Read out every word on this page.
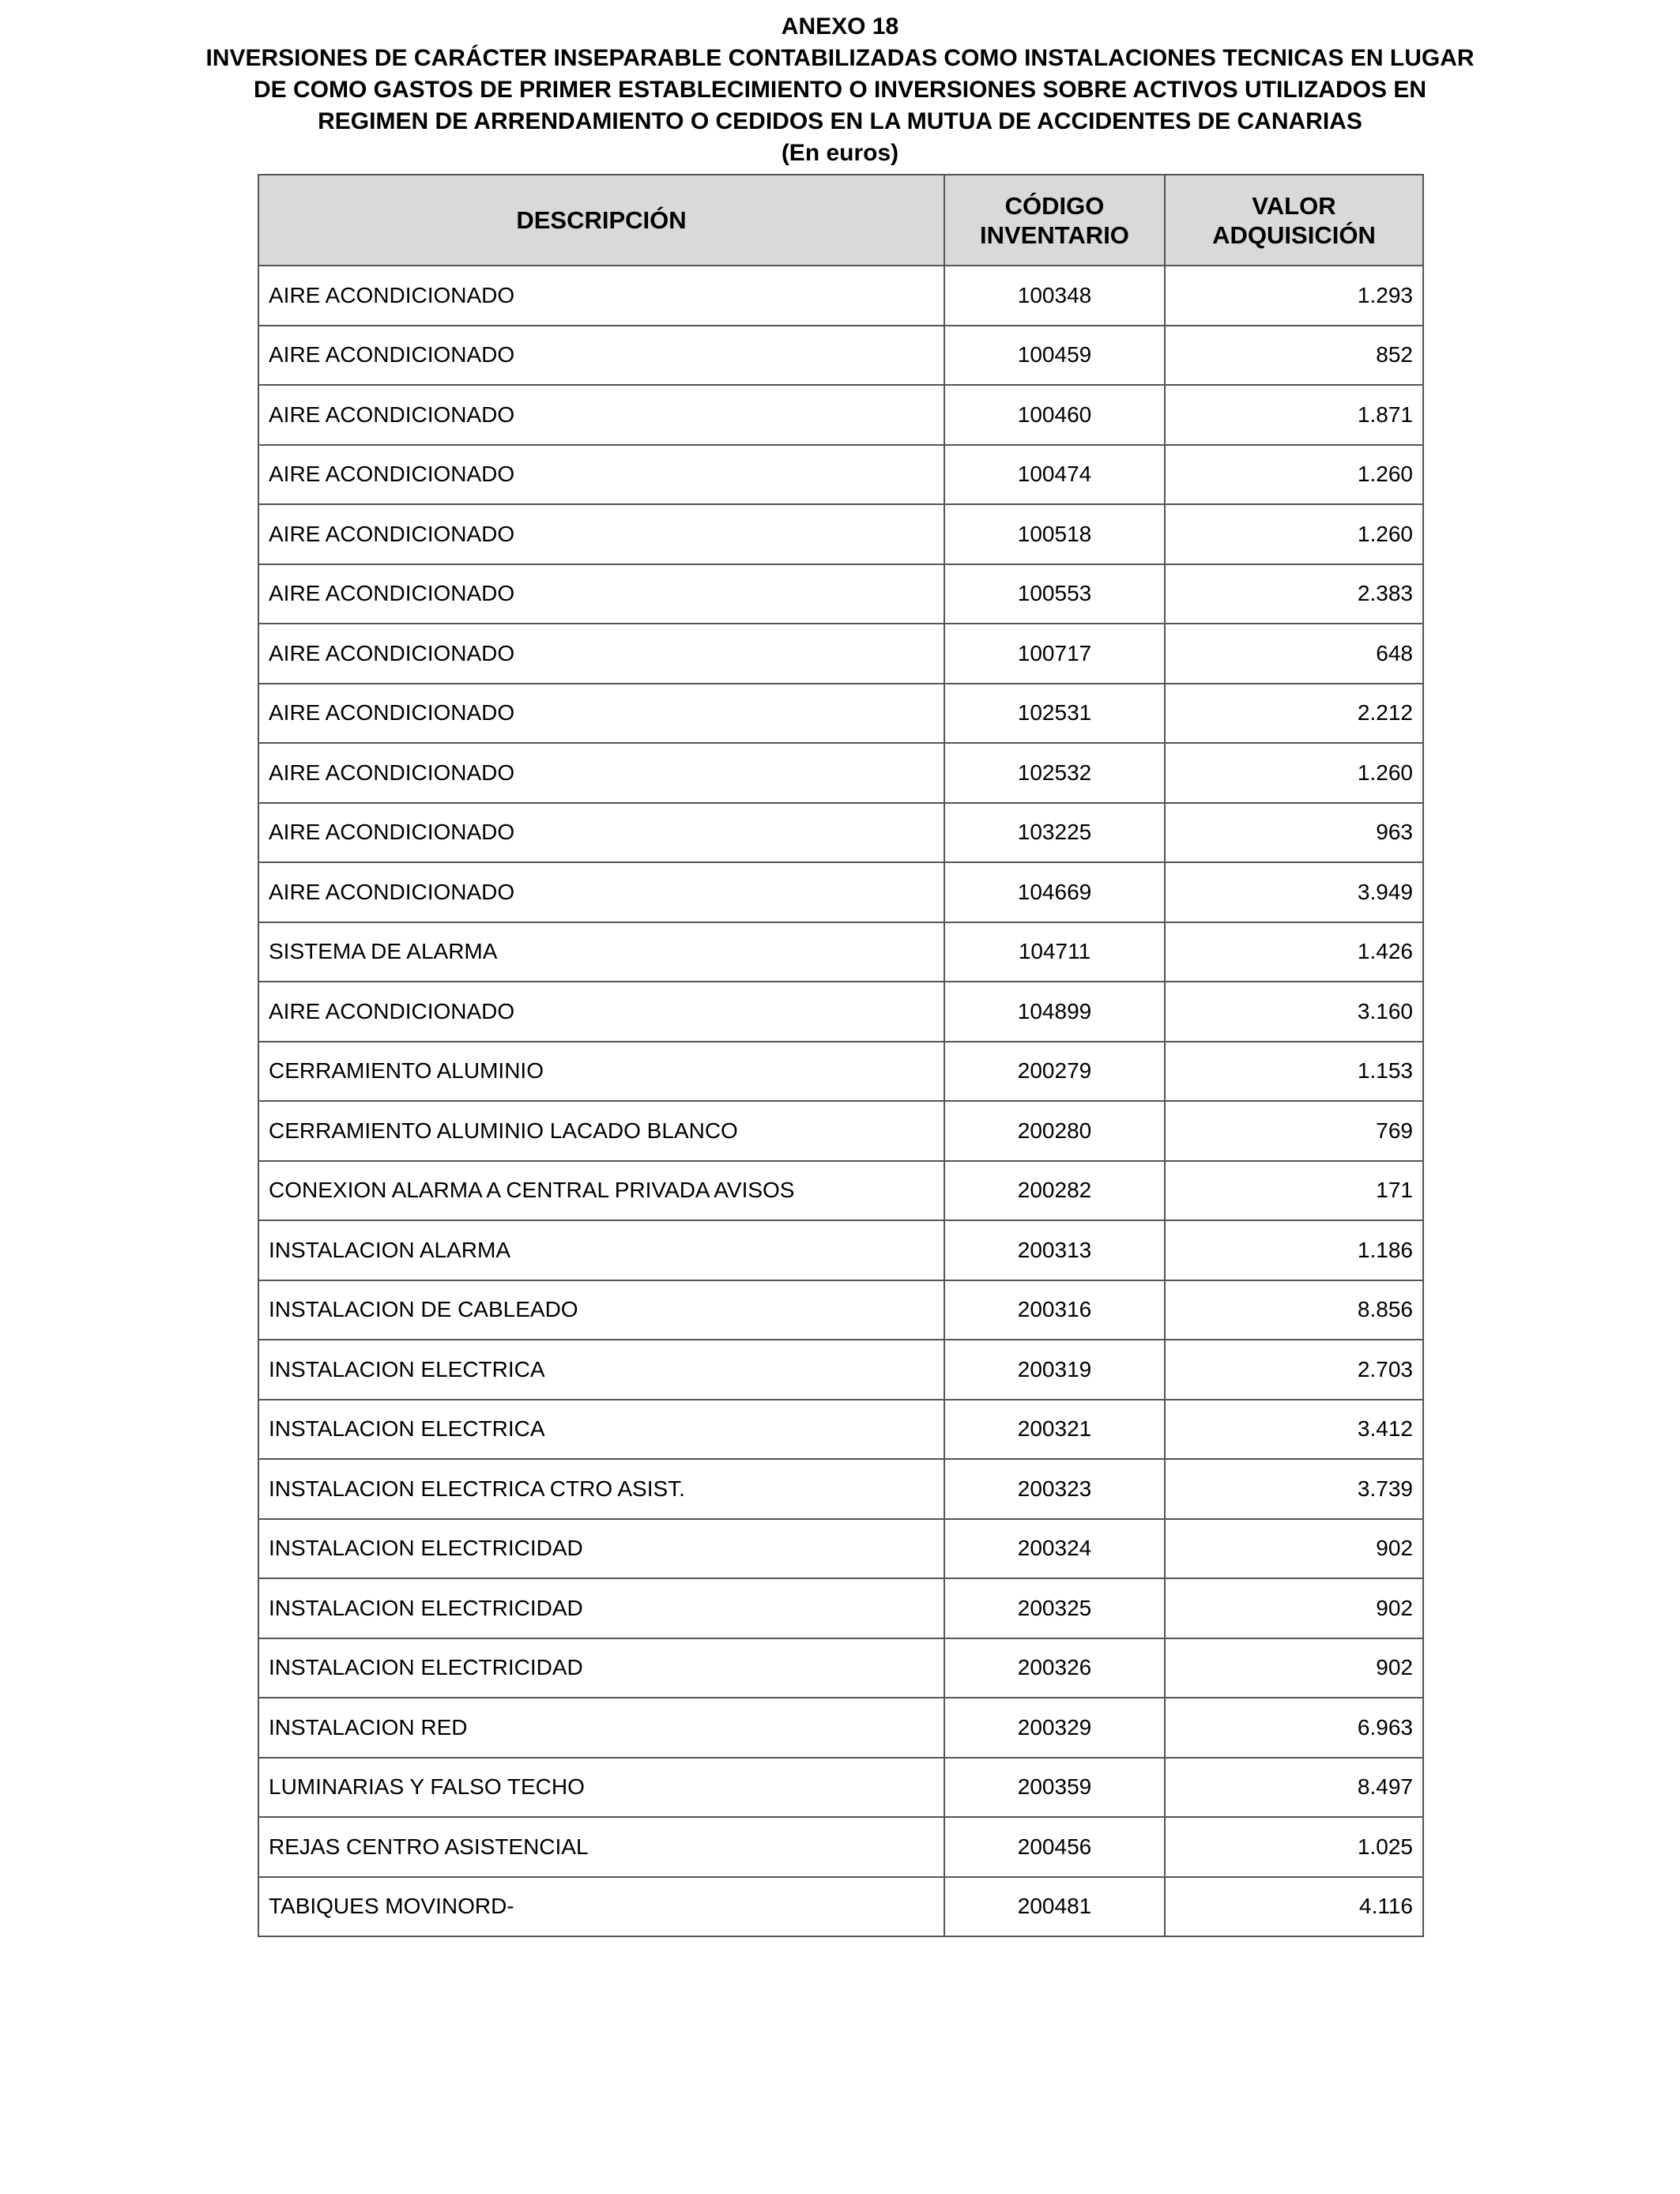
ANEXO 18
INVERSIONES DE CARÁCTER INSEPARABLE CONTABILIZADAS COMO INSTALACIONES TECNICAS EN LUGAR
DE COMO GASTOS DE PRIMER ESTABLECIMIENTO O INVERSIONES SOBRE ACTIVOS UTILIZADOS EN
REGIMEN DE ARRENDAMIENTO O CEDIDOS EN LA MUTUA DE ACCIDENTES DE CANARIAS
(En euros)
DESCRIPCIÓN	CÓDIGO INVENTARIO	VALOR ADQUISICIÓN
AIRE ACONDICIONADO	100348	1.293
AIRE ACONDICIONADO	100459	852
AIRE ACONDICIONADO	100460	1.871
AIRE ACONDICIONADO	100474	1.260
AIRE ACONDICIONADO	100518	1.260
AIRE ACONDICIONADO	100553	2.383
AIRE ACONDICIONADO	100717	648
AIRE ACONDICIONADO	102531	2.212
AIRE ACONDICIONADO	102532	1.260
AIRE ACONDICIONADO	103225	963
AIRE ACONDICIONADO	104669	3.949
SISTEMA DE ALARMA	104711	1.426
AIRE ACONDICIONADO	104899	3.160
CERRAMIENTO ALUMINIO	200279	1.153
CERRAMIENTO ALUMINIO LACADO BLANCO	200280	769
CONEXION ALARMA A CENTRAL PRIVADA AVISOS	200282	171
INSTALACION ALARMA	200313	1.186
INSTALACION DE CABLEADO	200316	8.856
INSTALACION ELECTRICA	200319	2.703
INSTALACION ELECTRICA	200321	3.412
INSTALACION ELECTRICA CTRO ASIST.	200323	3.739
INSTALACION ELECTRICIDAD	200324	902
INSTALACION ELECTRICIDAD	200325	902
INSTALACION ELECTRICIDAD	200326	902
INSTALACION RED	200329	6.963
LUMINARIAS Y FALSO TECHO	200359	8.497
REJAS CENTRO ASISTENCIAL	200456	1.025
TABIQUES MOVINORD-	200481	4.116
